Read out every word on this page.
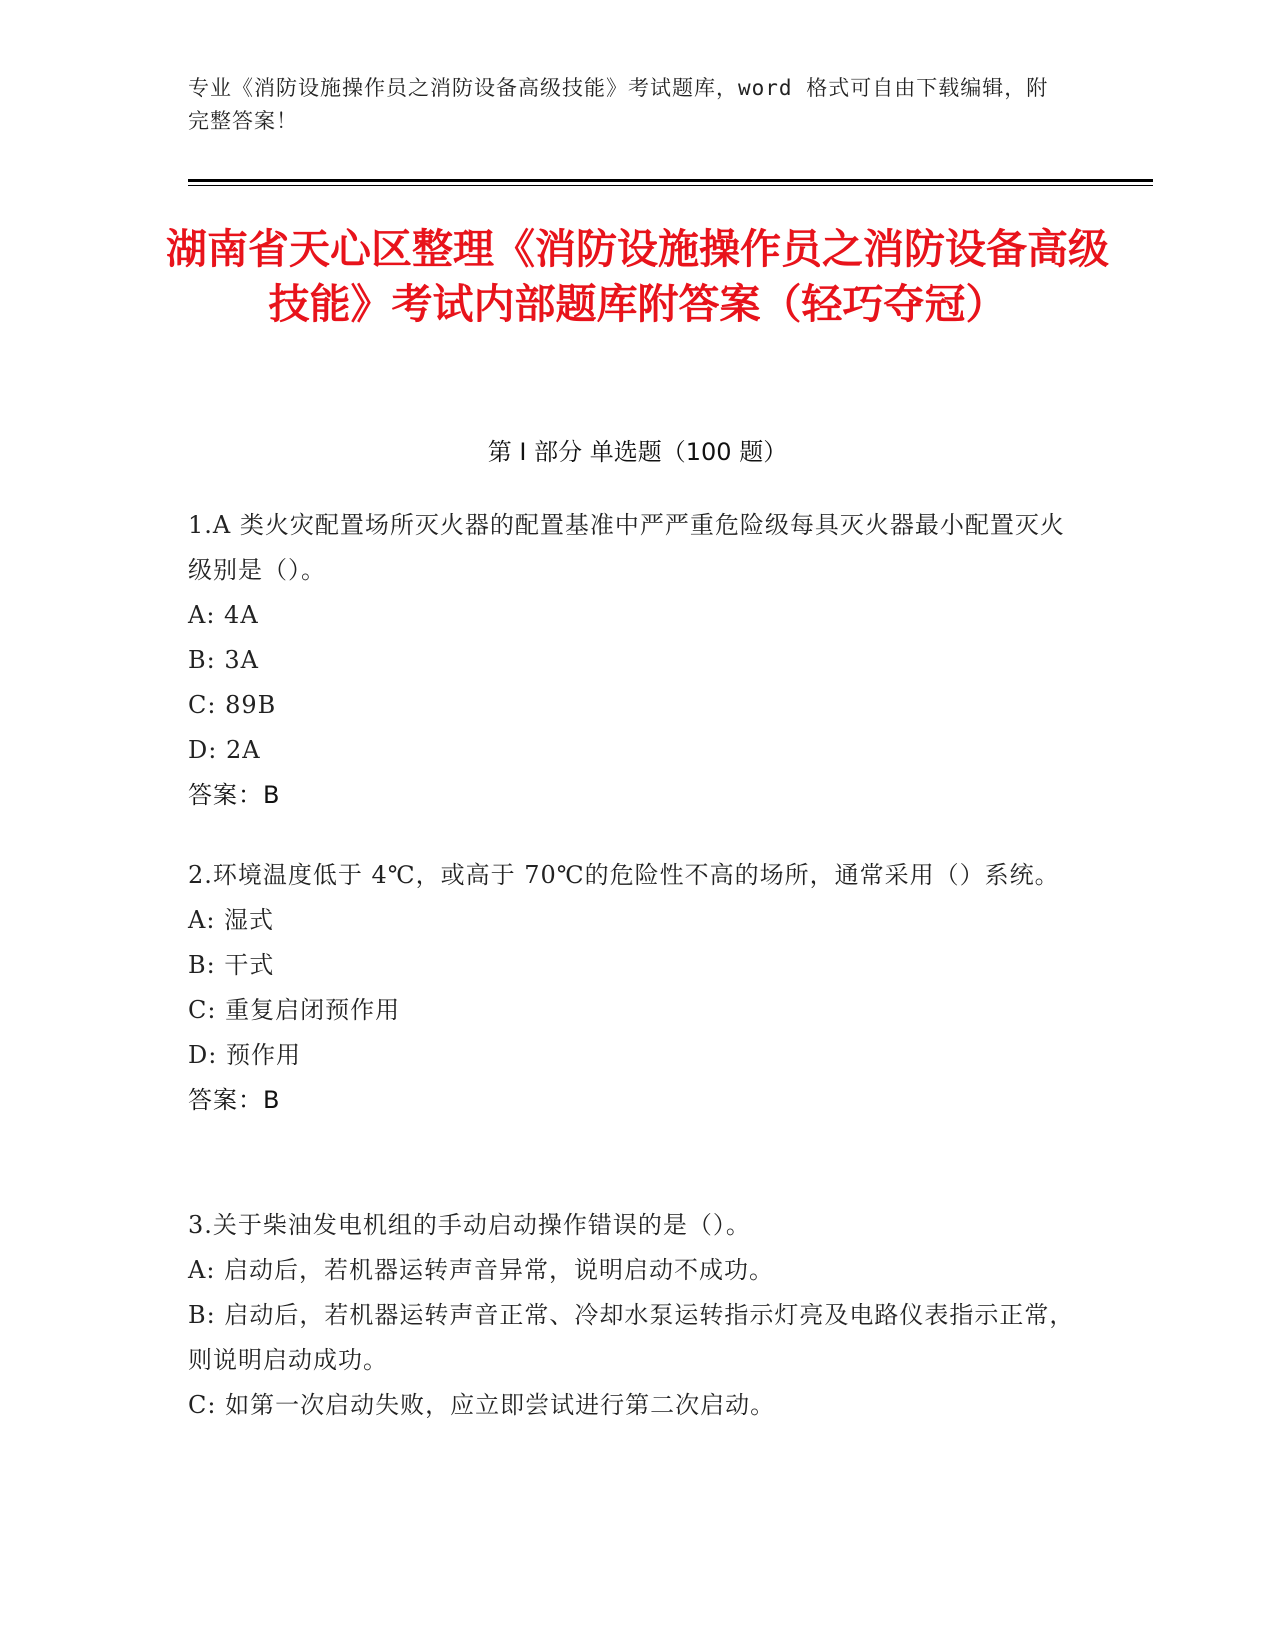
专业《消防设施操作员之消防设备高级技能》考试题库，word 格式可自由下载编辑，附完整答案！
湖南省天心区整理《消防设施操作员之消防设备高级技能》考试内部题库附答案（轻巧夺冠）
第 I 部分 单选题（100 题）
1.A 类火灾配置场所灭火器的配置基准中严严重危险级每具灭火器最小配置灭火级别是（）。
A: 4A
B: 3A
C: 89B
D: 2A
答案：B
2.环境温度低于 4℃，或高于 70℃的危险性不高的场所，通常采用（）系统。
A: 湿式
B: 干式
C: 重复启闭预作用
D: 预作用
答案：B
3.关于柴油发电机组的手动启动操作错误的是（）。
A: 启动后，若机器运转声音异常，说明启动不成功。
B: 启动后，若机器运转声音正常、冷却水泵运转指示灯亮及电路仪表指示正常，则说明启动成功。
C: 如第一次启动失败，应立即尝试进行第二次启动。
